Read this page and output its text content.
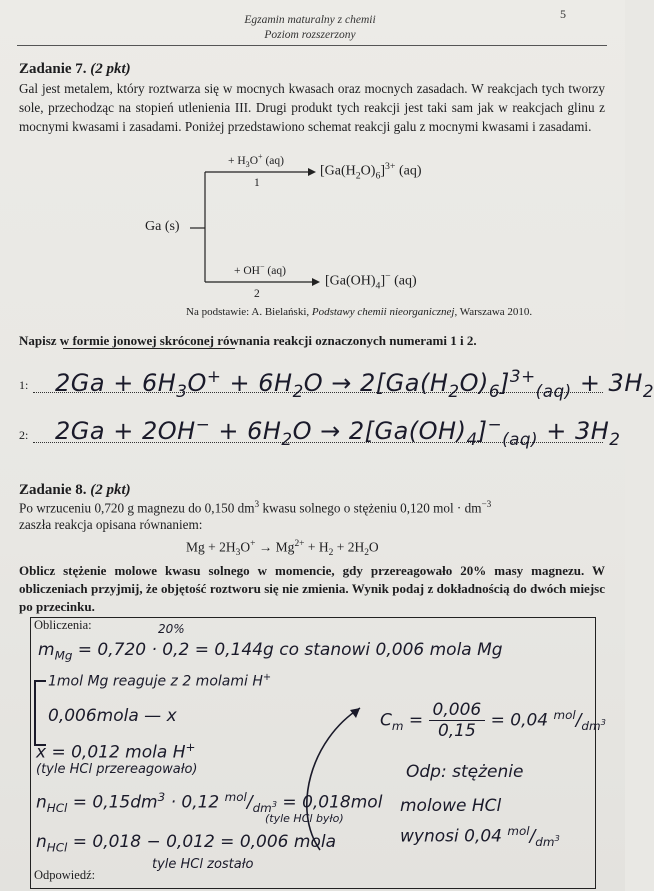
Egzamin maturalny z chemii
Poziom rozszerzony
5
Zadanie 7. (2 pkt)
Gal jest metalem, który roztwarza się w mocnych kwasach oraz mocnych zasadach. W reakcjach tych tworzy sole, przechodząc na stopień utlenienia III. Drugi produkt tych reakcji jest taki sam jak w reakcjach glinu z mocnymi kwasami i zasadami. Poniżej przedstawiono schemat reakcji galu z mocnymi kwasami i zasadami.
+ $H_3O^+$ (aq)
1
$[Ga(H_2O)_6]^{3+}$ (aq)
Ga (s)
+ OH− (aq)
2
$[Ga(OH)_4]^-$ (aq)
Na podstawie: A. Bielański, Podstawy chemii nieorganicznej, Warszawa 2010.
Napisz w formie jonowej skróconej równania reakcji oznaczonych numerami 1 i 2.
1: $2Ga + 6H_3O^+ + 6H_2O \to 2[Ga(H_2O)_6]^{3+}_{(aq)} + 3H_2$
2: $2Ga + 2OH^- + 6H_2O \to 2[Ga(OH)_4]^-_{(aq)} + 3H_2$
Zadanie 8. (2 pkt)
Po wrzuceniu 0,720 g magnezu do 0,150 $dm^3$ kwasu solnego o stężeniu 0,120 mol · $dm^{-3}$
zaszła reakcja opisana równaniem:
$Mg + 2H_3O^+ \to Mg^{2+} + H_2 + 2H_2O$
Oblicz stężenie molowe kwasu solnego w momencie, gdy przereagowało 20% masy magnezu. W obliczeniach przyjmij, że objętość roztworu się nie zmienia. Wynik podaj z dokładnością do dwóch miejsc po przecinku.
Obliczenia:
Odpowiedź:
20%
$m_{Mg} = 0,720 \cdot 0,2 = 0,144g$ co stanowi 0,006 mola Mg
1mol Mg reaguje z 2 molami H+
0,006mola — x
x = 0,012 mola H+
(tyle HCl przereagowało)
$n_{HCl} = 0,15dm^3 \cdot 0,12$ $^{mol}/_{dm^3} = 0,018mol$
(tyle HCl było)
$n_{HCl} = 0,018 - 0,012 = 0,006$ mola
tyle HCl zostało
$C_m = \frac{0,006}{0,15} = 0,04$ $^{mol}/_{dm^3}$
Odp: stężenie
molowe HCl
wynosi 0,04 $^{mol}/_{dm^3}$
